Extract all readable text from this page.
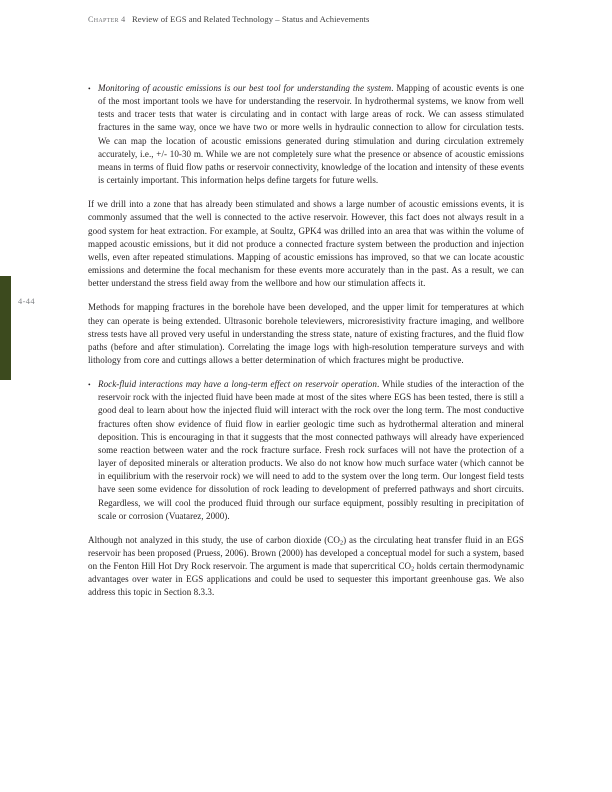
Chapter 4 Review of EGS and Related Technology – Status and Achievements
4-44

• Monitoring of acoustic emissions is our best tool for understanding the system. Mapping of acoustic events is one of the most important tools we have for understanding the reservoir. In hydrothermal systems, we know from well tests and tracer tests that water is circulating and in contact with large areas of rock. We can assess stimulated fractures in the same way, once we have two or more wells in hydraulic connection to allow for circulation tests. We can map the location of acoustic emissions generated during stimulation and during circulation extremely accurately, i.e., +/- 10-30 m. While we are not completely sure what the presence or absence of acoustic emissions means in terms of fluid flow paths or reservoir connectivity, knowledge of the location and intensity of these events is certainly important. This information helps define targets for future wells.

If we drill into a zone that has already been stimulated and shows a large number of acoustic emissions events, it is commonly assumed that the well is connected to the active reservoir. However, this fact does not always result in a good system for heat extraction. For example, at Soultz, GPK4 was drilled into an area that was within the volume of mapped acoustic emissions, but it did not produce a connected fracture system between the production and injection wells, even after repeated stimulations. Mapping of acoustic emissions has improved, so that we can locate acoustic emissions and determine the focal mechanism for these events more accurately than in the past. As a result, we can better understand the stress field away from the wellbore and how our stimulation affects it.

Methods for mapping fractures in the borehole have been developed, and the upper limit for temperatures at which they can operate is being extended. Ultrasonic borehole televiewers, microresistivity fracture imaging, and wellbore stress tests have all proved very useful in understanding the stress state, nature of existing fractures, and the fluid flow paths (before and after stimulation). Correlating the image logs with high-resolution temperature surveys and with lithology from core and cuttings allows a better determination of which fractures might be productive.

• Rock-fluid interactions may have a long-term effect on reservoir operation. While studies of the interaction of the reservoir rock with the injected fluid have been made at most of the sites where EGS has been tested, there is still a good deal to learn about how the injected fluid will interact with the rock over the long term. The most conductive fractures often show evidence of fluid flow in earlier geologic time such as hydrothermal alteration and mineral deposition. This is encouraging in that it suggests that the most connected pathways will already have experienced some reaction between water and the rock fracture surface. Fresh rock surfaces will not have the protection of a layer of deposited minerals or alteration products. We also do not know how much surface water (which cannot be in equilibrium with the reservoir rock) we will need to add to the system over the long term. Our longest field tests have seen some evidence for dissolution of rock leading to development of preferred pathways and short circuits. Regardless, we will cool the produced fluid through our surface equipment, possibly resulting in precipitation of scale or corrosion (Vuatarez, 2000).

Although not analyzed in this study, the use of carbon dioxide $(CO_2)$ as the circulating heat transfer fluid in an EGS reservoir has been proposed (Pruess, 2006). Brown (2000) has developed a conceptual model for such a system, based on the Fenton Hill Hot Dry Rock reservoir. The argument is made that supercritical $CO_2$ holds certain thermodynamic advantages over water in EGS applications and could be used to sequester this important greenhouse gas. We also address this topic in Section 8.3.3.
